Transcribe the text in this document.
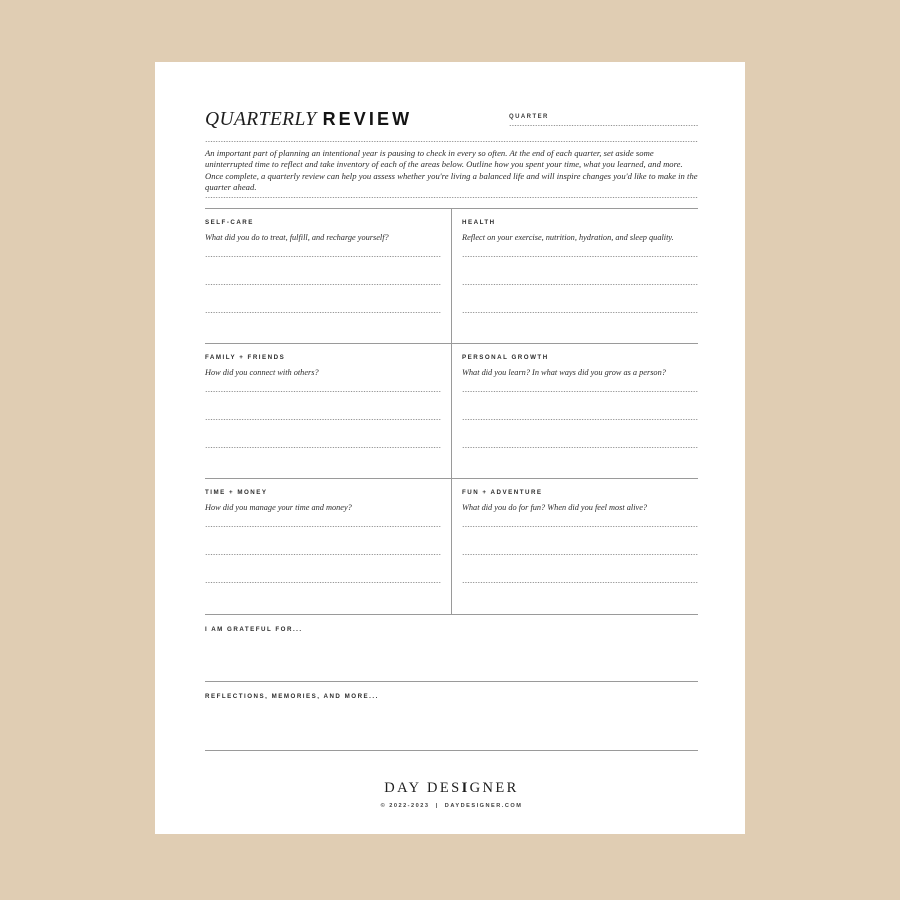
QUARTERLY REVIEW	QUARTER
An important part of planning an intentional year is pausing to check in every so often. At the end of each quarter, set aside some uninterrupted time to reflect and take inventory of each of the areas below. Outline how you spent your time, what you learned, and more. Once complete, a quarterly review can help you assess whether you're living a balanced life and will inspire changes you'd like to make in the quarter ahead.
SELF-CARE
What did you do to treat, fulfill, and recharge yourself?
HEALTH
Reflect on your exercise, nutrition, hydration, and sleep quality.
FAMILY + FRIENDS
How did you connect with others?
PERSONAL GROWTH
What did you learn? In what ways did you grow as a person?
TIME + MONEY
How did you manage your time and money?
FUN + ADVENTURE
What did you do for fun? When did you feel most alive?
I AM GRATEFUL FOR...
REFLECTIONS, MEMORIES, AND MORE...
DAY DESIGNER
© 2022-2023 | DAYDESIGNER.COM
